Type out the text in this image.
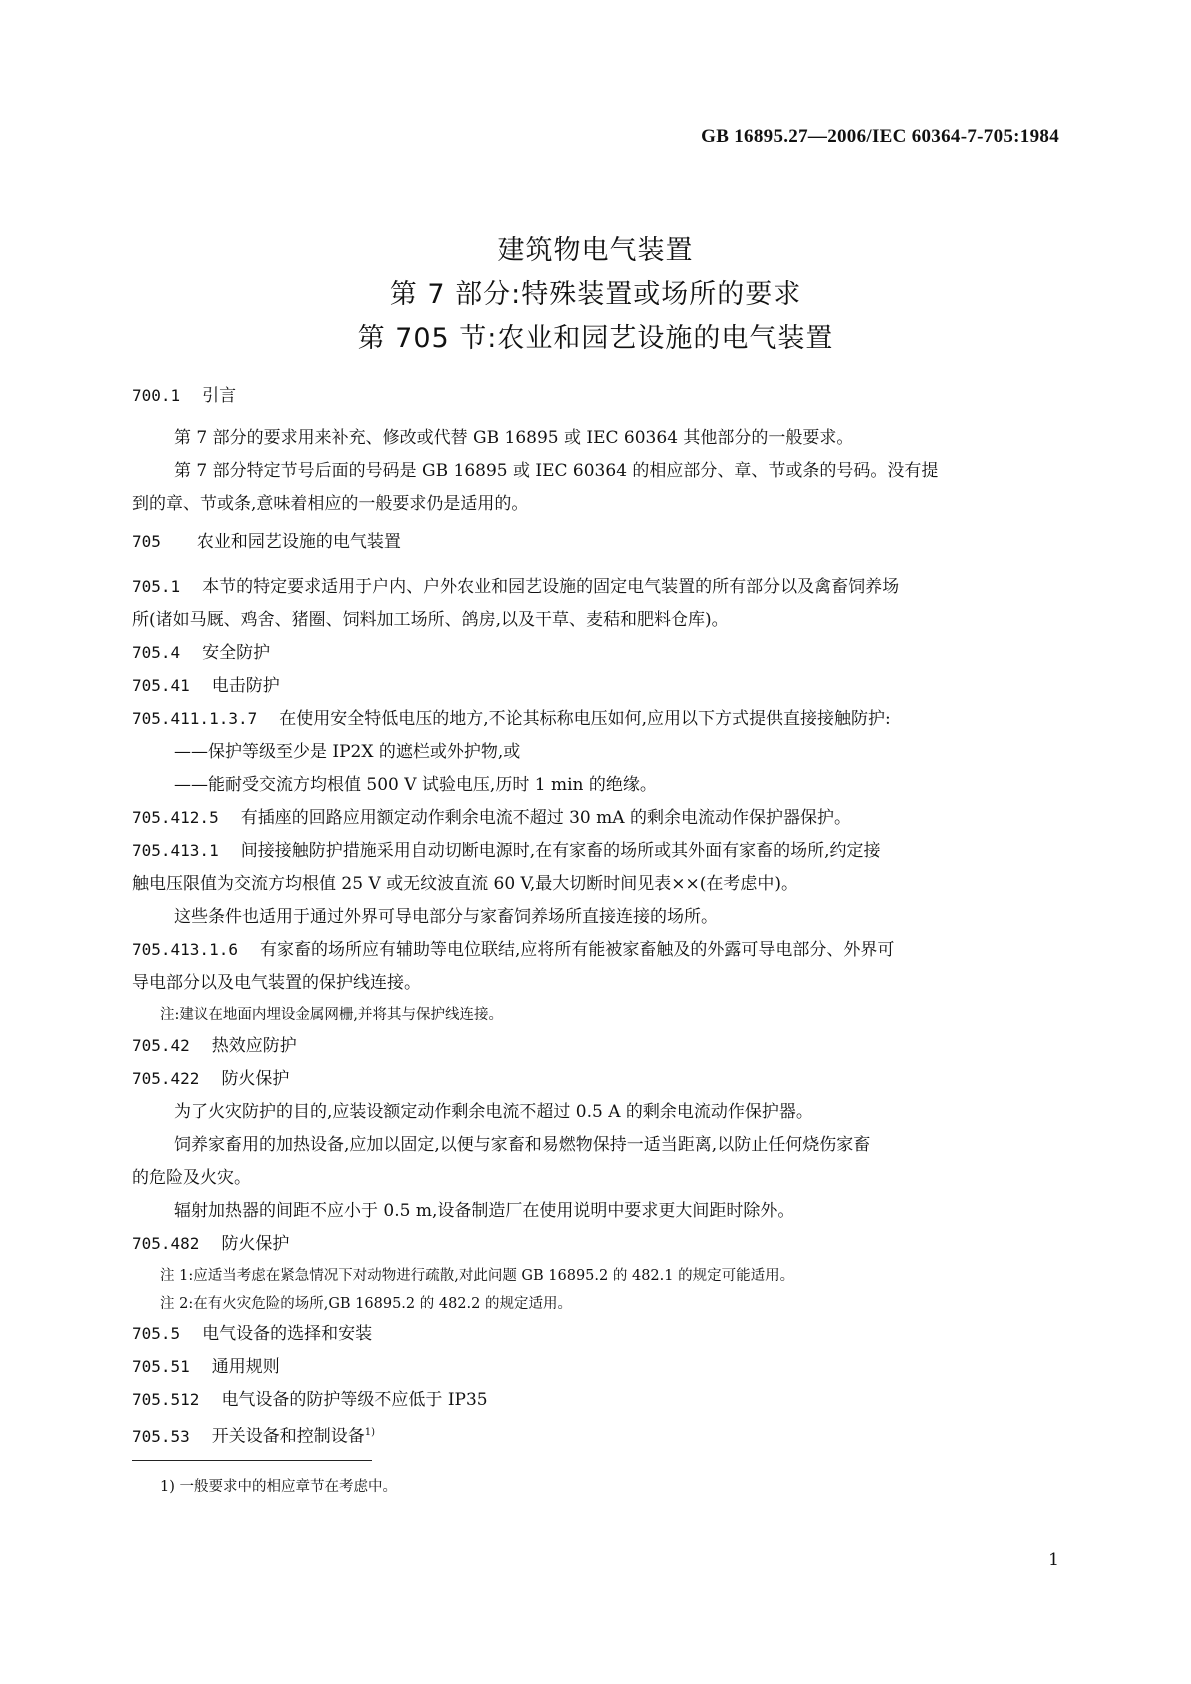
GB 16895.27—2006/IEC 60364-7-705:1984
建筑物电气装置
第 7 部分:特殊装置或场所的要求
第 705 节:农业和园艺设施的电气装置
700.1 引言
第 7 部分的要求用来补充、修改或代替 GB 16895 或 IEC 60364 其他部分的一般要求。
第 7 部分特定节号后面的号码是 GB 16895 或 IEC 60364 的相应部分、章、节或条的号码。没有提
到的章、节或条,意味着相应的一般要求仍是适用的。
705 农业和园艺设施的电气装置
705.1 本节的特定要求适用于户内、户外农业和园艺设施的固定电气装置的所有部分以及禽畜饲养场
所(诸如马厩、鸡舍、猪圈、饲料加工场所、鸽房,以及干草、麦秸和肥料仓库)。
705.4 安全防护
705.41 电击防护
705.411.1.3.7 在使用安全特低电压的地方,不论其标称电压如何,应用以下方式提供直接接触防护:
——保护等级至少是 IP2X 的遮栏或外护物,或
——能耐受交流方均根值 500 V 试验电压,历时 1 min 的绝缘。
705.412.5 有插座的回路应用额定动作剩余电流不超过 30 mA 的剩余电流动作保护器保护。
705.413.1 间接接触防护措施采用自动切断电源时,在有家畜的场所或其外面有家畜的场所,约定接
触电压限值为交流方均根值 25 V 或无纹波直流 60 V,最大切断时间见表××(在考虑中)。
这些条件也适用于通过外界可导电部分与家畜饲养场所直接连接的场所。
705.413.1.6 有家畜的场所应有辅助等电位联结,应将所有能被家畜触及的外露可导电部分、外界可
导电部分以及电气装置的保护线连接。
注:建议在地面内埋设金属网栅,并将其与保护线连接。
705.42 热效应防护
705.422 防火保护
为了火灾防护的目的,应装设额定动作剩余电流不超过 0.5 A 的剩余电流动作保护器。
饲养家畜用的加热设备,应加以固定,以便与家畜和易燃物保持一适当距离,以防止任何烧伤家畜
的危险及火灾。
辐射加热器的间距不应小于 0.5 m,设备制造厂在使用说明中要求更大间距时除外。
705.482 防火保护
注 1:应适当考虑在紧急情况下对动物进行疏散,对此问题 GB 16895.2 的 482.1 的规定可能适用。
注 2:在有火灾危险的场所,GB 16895.2 的 482.2 的规定适用。
705.5 电气设备的选择和安装
705.51 通用规则
705.512 电气设备的防护等级不应低于 IP35
705.53 开关设备和控制设备$^{1)}$
1) 一般要求中的相应章节在考虑中。
1
